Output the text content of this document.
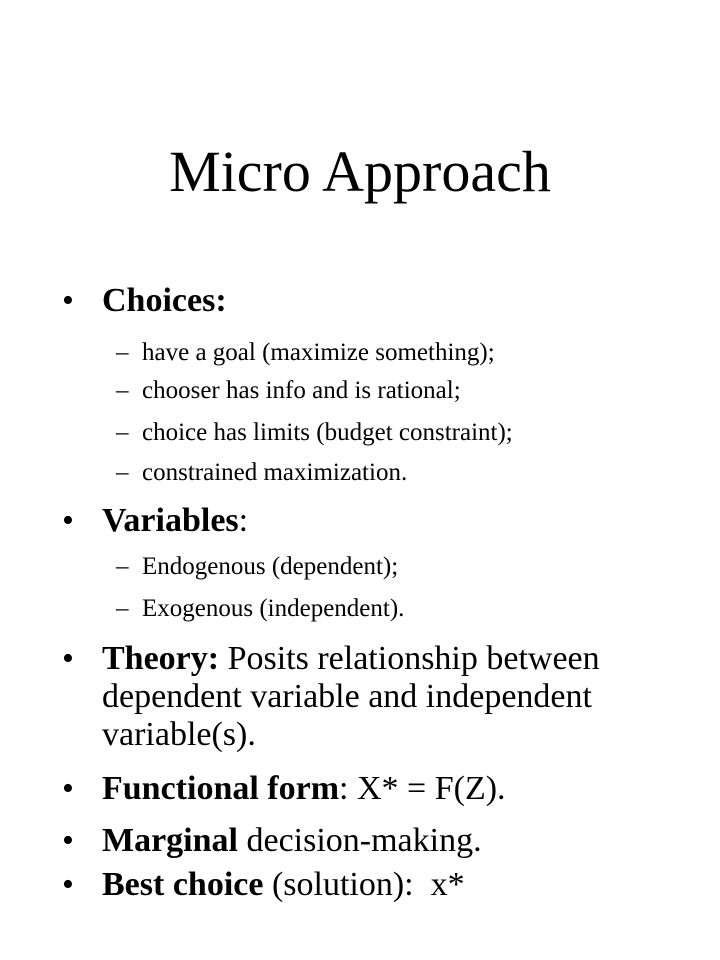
Micro Approach
• Choices:
– have a goal (maximize something);
– chooser has info and is rational;
– choice has limits (budget constraint);
– constrained maximization.
• Variables:
– Endogenous (dependent);
– Exogenous (independent).
• Theory: Posits relationship between dependent variable and independent variable(s).
• Functional form: X* = F(Z).
• Marginal decision-making.
• Best choice (solution):  x*
